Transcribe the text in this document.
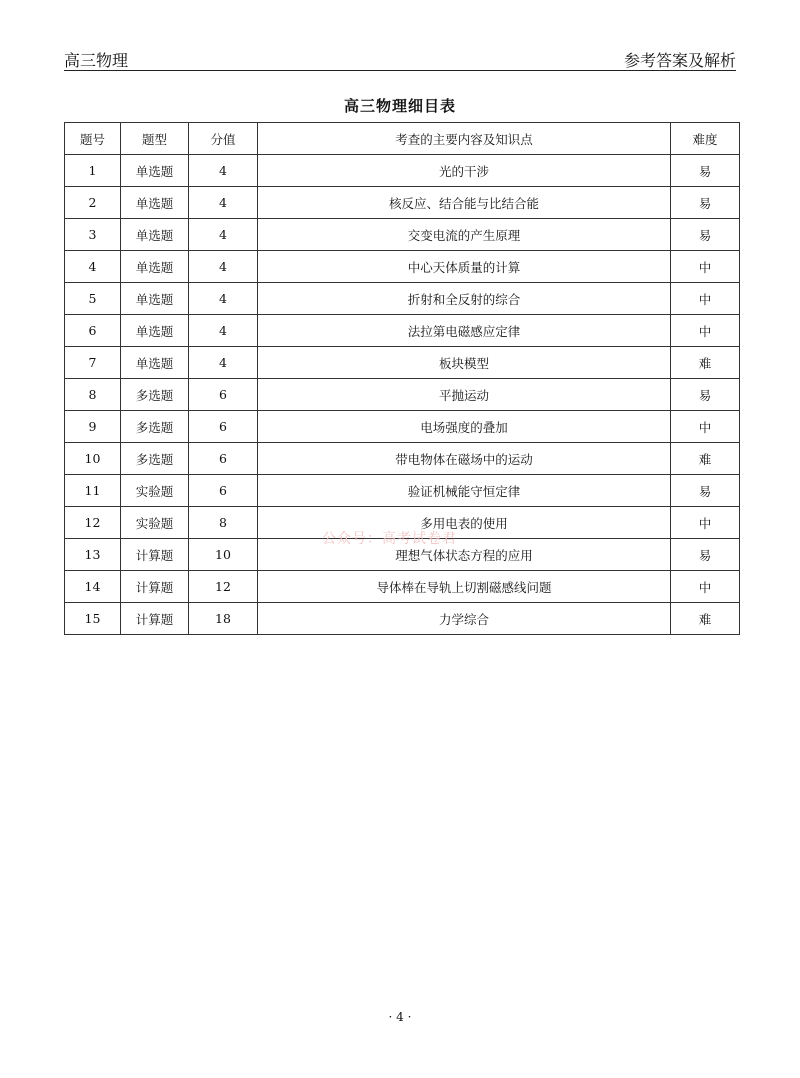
高三物理	参考答案及解析
高三物理细目表
题号	题型	分值	考查的主要内容及知识点	难度
1	单选题	4	光的干涉	易
2	单选题	4	核反应、结合能与比结合能	易
3	单选题	4	交变电流的产生原理	易
4	单选题	4	中心天体质量的计算	中
5	单选题	4	折射和全反射的综合	中
6	单选题	4	法拉第电磁感应定律	中
7	单选题	4	板块模型	难
8	多选题	6	平抛运动	易
9	多选题	6	电场强度的叠加	中
10	多选题	6	带电物体在磁场中的运动	难
11	实验题	6	验证机械能守恒定律	易
12	实验题	8	多用电表的使用	中
13	计算题	10	理想气体状态方程的应用	易
14	计算题	12	导体棒在导轨上切割磁感线问题	中
15	计算题	18	力学综合	难
公众号：高考试卷君
· 4 ·
